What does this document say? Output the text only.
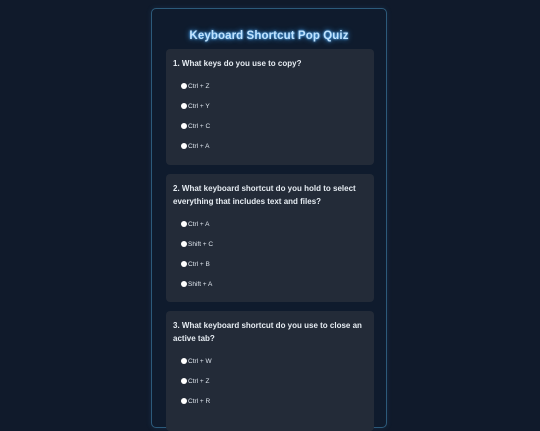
Keyboard Shortcut Pop Quiz
1. What keys do you use to copy?
Ctrl + Z
Ctrl + Y
Ctrl + C
Ctrl + A
2. What keyboard shortcut do you hold to select everything that includes text and files?
Ctrl + A
Shift + C
Ctrl + B
Shift + A
3. What keyboard shortcut do you use to close an active tab?
Ctrl + W
Ctrl + Z
Ctrl + R
